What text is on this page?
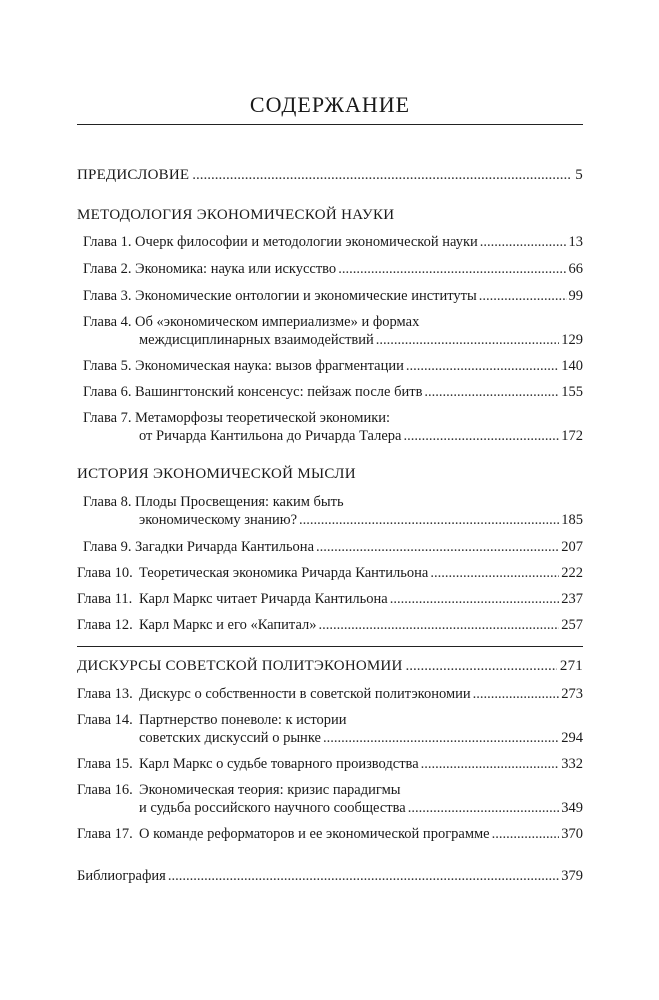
СОДЕРЖАНИЕ
ПРЕДИСЛОВИЕ .....	5
МЕТОДОЛОГИЯ ЭКОНОМИЧЕСКОЙ НАУКИ
Глава 1. Очерк философии и методологии экономической науки .....	13
Глава 2. Экономика: наука или искусство .....	66
Глава 3. Экономические онтологии и экономические институты .....	99
Глава 4. Об «экономическом империализме» и формах
междисциплинарных взаимодействий .....	129
Глава 5. Экономическая наука: вызов фрагментации .....	140
Глава 6. Вашингтонский консенсус: пейзаж после битв .....	155
Глава 7. Метаморфозы теоретической экономики:
от Ричарда Кантильона до Ричарда Талера .....	172
ИСТОРИЯ ЭКОНОМИЧЕСКОЙ МЫСЛИ
Глава 8. Плоды Просвещения: каким быть
экономическому знанию? .....	185
Глава 9. Загадки Ричарда Кантильона .....	207
Глава 10. Теоретическая экономика Ричарда Кантильона .....	222
Глава 11. Карл Маркс читает Ричарда Кантильона .....	237
Глава 12. Карл Маркс и его «Капитал» .....	257
ДИСКУРСЫ СОВЕТСКОЙ ПОЛИТЭКОНОМИИ .....	271
Глава 13. Дискурс о собственности в советской политэкономии .....	273
Глава 14. Партнерство поневоле: к истории
советских дискуссий о рынке .....	294
Глава 15. Карл Маркс о судьбе товарного производства .....	332
Глава 16. Экономическая теория: кризис парадигмы
и судьба российского научного сообщества .....	349
Глава 17. О команде реформаторов и ее экономической программе .....	370
Библиография .....	379
